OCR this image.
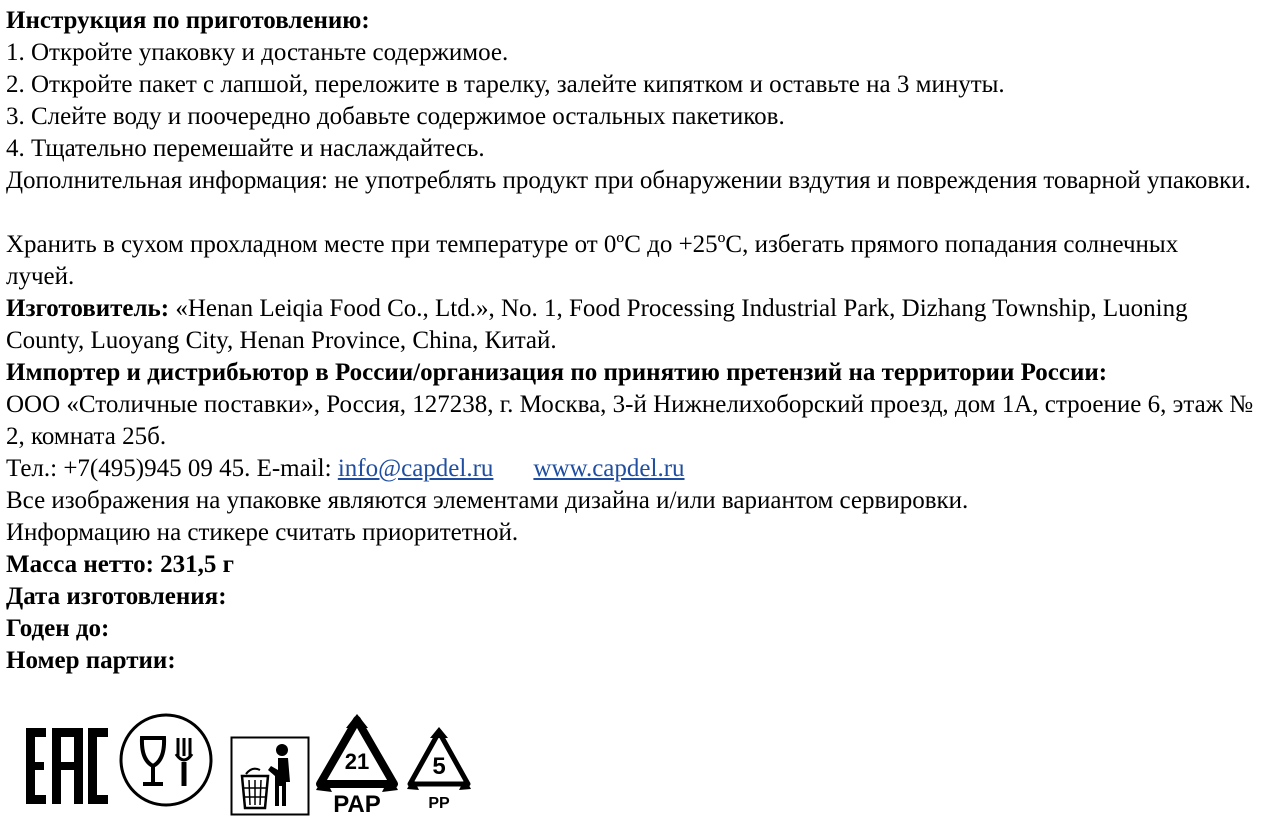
Инструкция по приготовлению:
1. Откройте упаковку и достаньте содержимое.
2. Откройте пакет с лапшой, переложите в тарелку, залейте кипятком и оставьте на 3 минуты.
3. Слейте воду и поочередно добавьте содержимое остальных пакетиков.
4. Тщательно перемешайте и наслаждайтесь.
Дополнительная информация: не употреблять продукт при обнаружении вздутия и повреждения товарной упаковки.
Хранить в сухом прохладном месте при температуре от 0ºС до +25ºС, избегать прямого попадания солнечных лучей.
Изготовитель: «Henan Leiqia Food Co., Ltd.», No. 1, Food Processing Industrial Park, Dizhang Township, Luoning County, Luoyang City, Henan Province, China, Китай.
Импортер и дистрибьютор в России/организация по принятию претензий на территории России:
ООО «Столичные поставки», Россия, 127238, г. Москва, 3-й Нижнелихоборский проезд, дом 1А, строение 6, этаж № 2, комната 25б.
Тел.: +7(495)945 09 45. E-mail: info@capdel.ru www.capdel.ru
Все изображения на упаковке являются элементами дизайна и/или вариантом сервировки.
Информацию на стикере считать приоритетной.
Масса нетто: 231,5 г
Дата изготовления:
Годен до:
Номер партии:
21
PAP
5
PP
